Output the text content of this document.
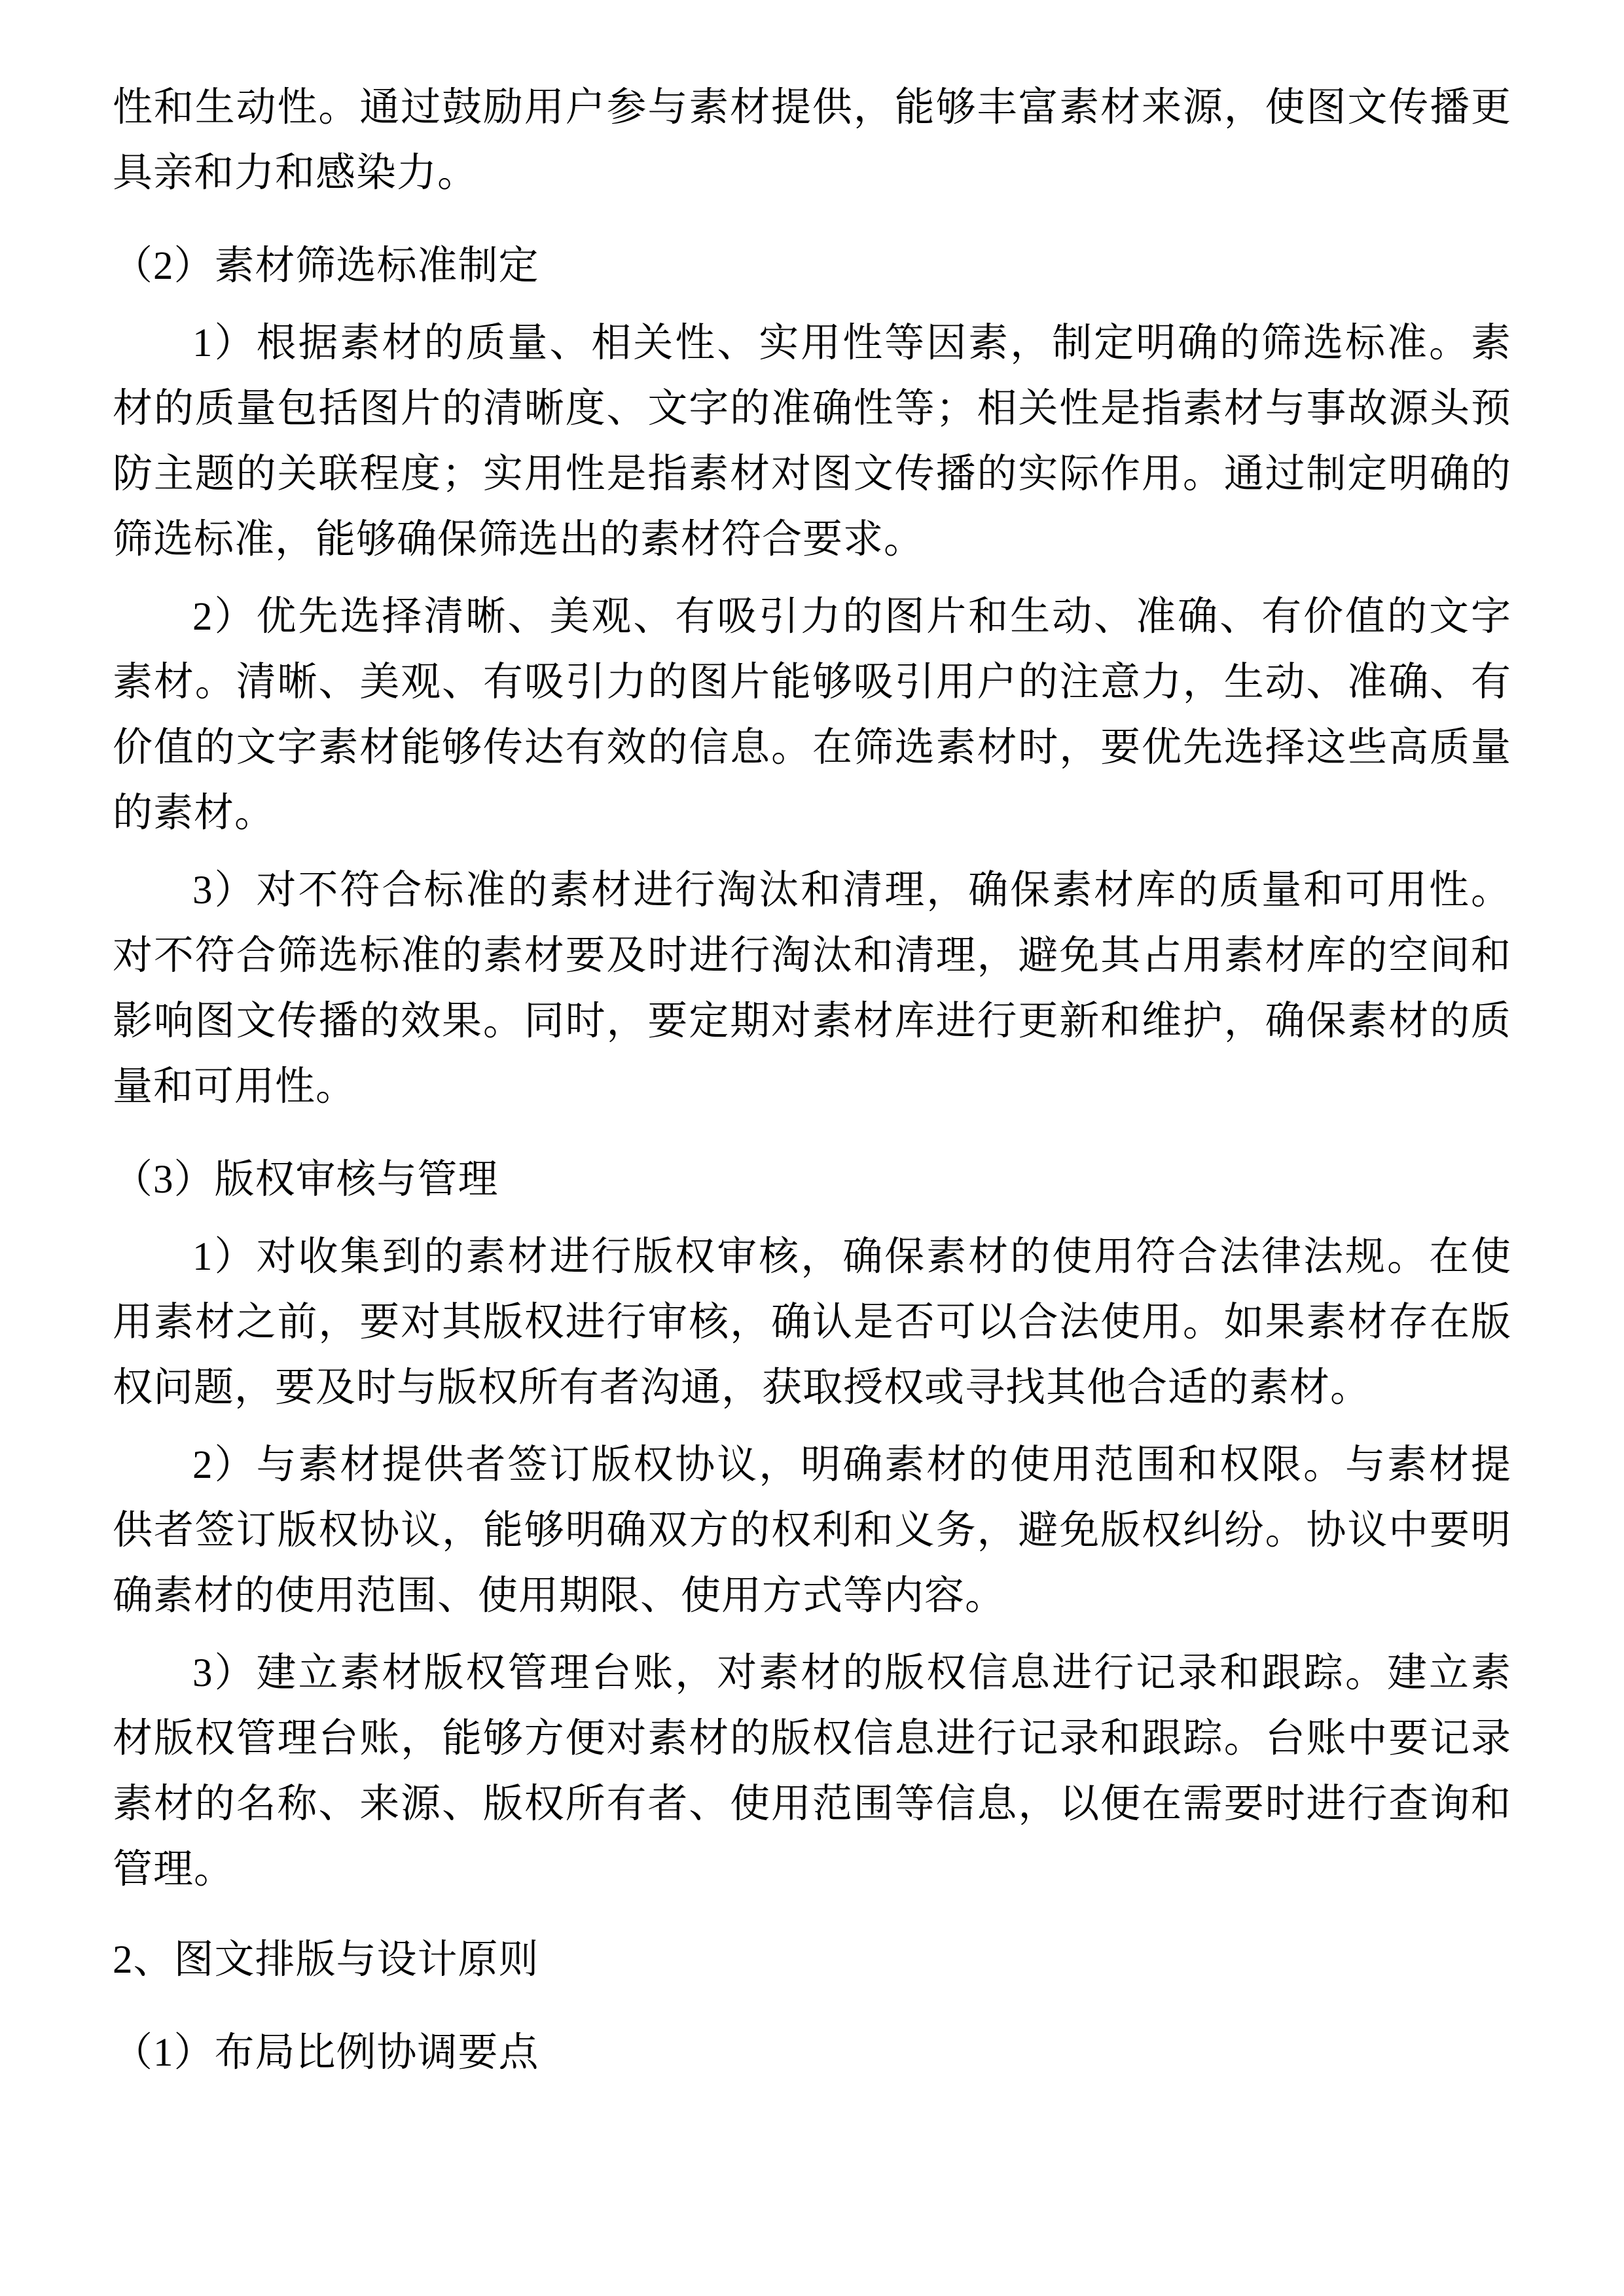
性和生动性。通过鼓励用户参与素材提供，能够丰富素材来源，使图文传播更具亲和力和感染力。

（2）素材筛选标准制定

1）根据素材的质量、相关性、实用性等因素，制定明确的筛选标准。素材的质量包括图片的清晰度、文字的准确性等；相关性是指素材与事故源头预防主题的关联程度；实用性是指素材对图文传播的实际作用。通过制定明确的筛选标准，能够确保筛选出的素材符合要求。

2）优先选择清晰、美观、有吸引力的图片和生动、准确、有价值的文字素材。清晰、美观、有吸引力的图片能够吸引用户的注意力，生动、准确、有价值的文字素材能够传达有效的信息。在筛选素材时，要优先选择这些高质量的素材。

3）对不符合标准的素材进行淘汰和清理，确保素材库的质量和可用性。对不符合筛选标准的素材要及时进行淘汰和清理，避免其占用素材库的空间和影响图文传播的效果。同时，要定期对素材库进行更新和维护，确保素材的质量和可用性。

（3）版权审核与管理

1）对收集到的素材进行版权审核，确保素材的使用符合法律法规。在使用素材之前，要对其版权进行审核，确认是否可以合法使用。如果素材存在版权问题，要及时与版权所有者沟通，获取授权或寻找其他合适的素材。

2）与素材提供者签订版权协议，明确素材的使用范围和权限。与素材提供者签订版权协议，能够明确双方的权利和义务，避免版权纠纷。协议中要明确素材的使用范围、使用期限、使用方式等内容。

3）建立素材版权管理台账，对素材的版权信息进行记录和跟踪。建立素材版权管理台账，能够方便对素材的版权信息进行记录和跟踪。台账中要记录素材的名称、来源、版权所有者、使用范围等信息，以便在需要时进行查询和管理。

2、图文排版与设计原则

（1）布局比例协调要点
